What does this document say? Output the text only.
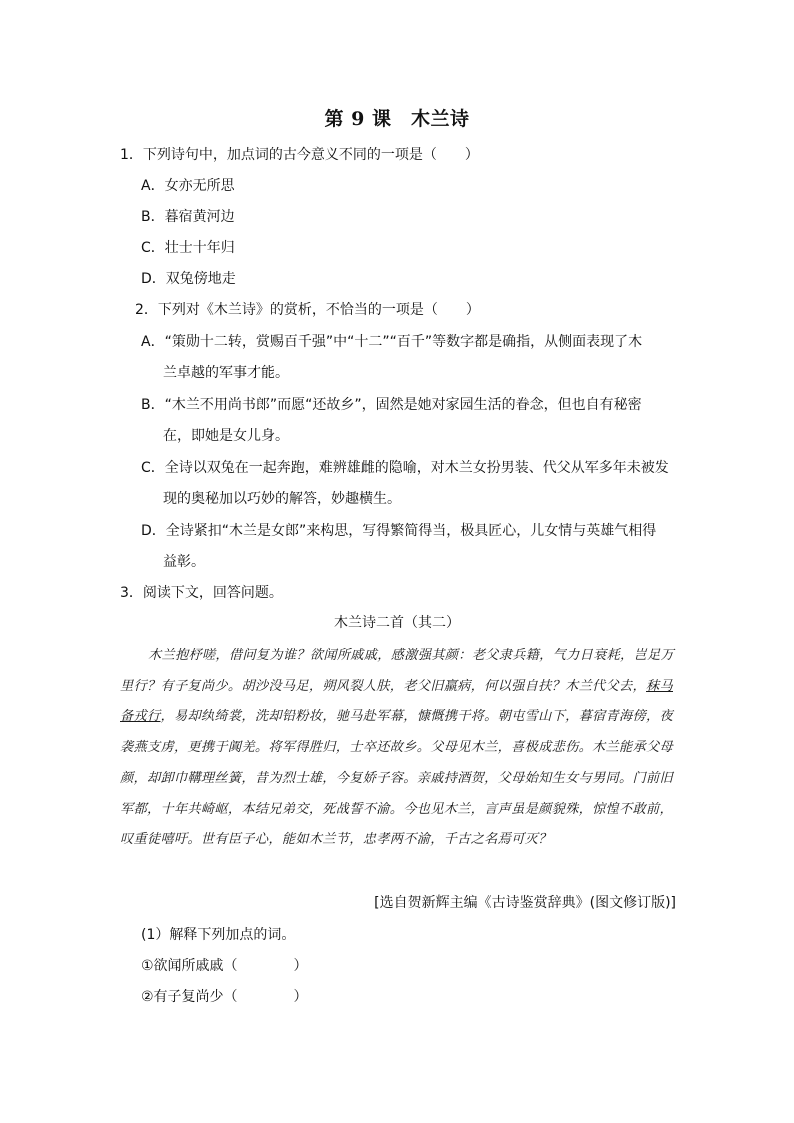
第 9 课　木兰诗
1．下列诗句中，加点词的古今意义不同的一项是（　　）
A．女亦无所思
B．暮宿黄河边
C．壮士十年归
D．双兔傍地走
2．下列对《木兰诗》的赏析，不恰当的一项是（　　）
A．“策勋十二转，赏赐百千强”中“十二”“百千”等数字都是确指，从侧面表现了木
兰卓越的军事才能。
B．“木兰不用尚书郎”而愿“还故乡”，固然是她对家园生活的眷念，但也自有秘密
在，即她是女儿身。
C．全诗以双兔在一起奔跑，难辨雄雌的隐喻，对木兰女扮男装、代父从军多年未被发
现的奥秘加以巧妙的解答，妙趣横生。
D．全诗紧扣“木兰是女郎”来构思，写得繁简得当，极具匠心，儿女情与英雄气相得
益彰。
3．阅读下文，回答问题。
木兰诗二首（其二）
木兰抱杼嗟，借问复为谁？欲闻所戚戚，感激强其颜：老父隶兵籍，气力日衰耗，岂足万里行？有子复尚少。胡沙没马足，朔风裂人肤，老父旧羸病，何以强自扶？木兰代父去，秣马备戎行，易却纨绮裳，洗却铅粉妆，驰马赴军幕，慷慨携干将。朝屯雪山下，暮宿青海傍，夜袭燕支虏，更携于阗羌。将军得胜归，士卒还故乡。父母见木兰，喜极成悲伤。木兰能承父母颜，却卸巾鞲理丝簧，昔为烈士雄，今复娇子容。亲戚持酒贺，父母始知生女与男同。门前旧军都，十年共崎岖，本结兄弟交，死战誓不渝。今也见木兰，言声虽是颜貌殊，惊惶不敢前，叹重徒嘻吁。世有臣子心，能如木兰节，忠孝两不渝，千古之名焉可灭？
[选自贺新辉主编《古诗鉴赏辞典》(图文修订版)]
(1）解释下列加点的词。
①欲闻所戚戚（　　　　）
②有子复尚少（　　　　）
